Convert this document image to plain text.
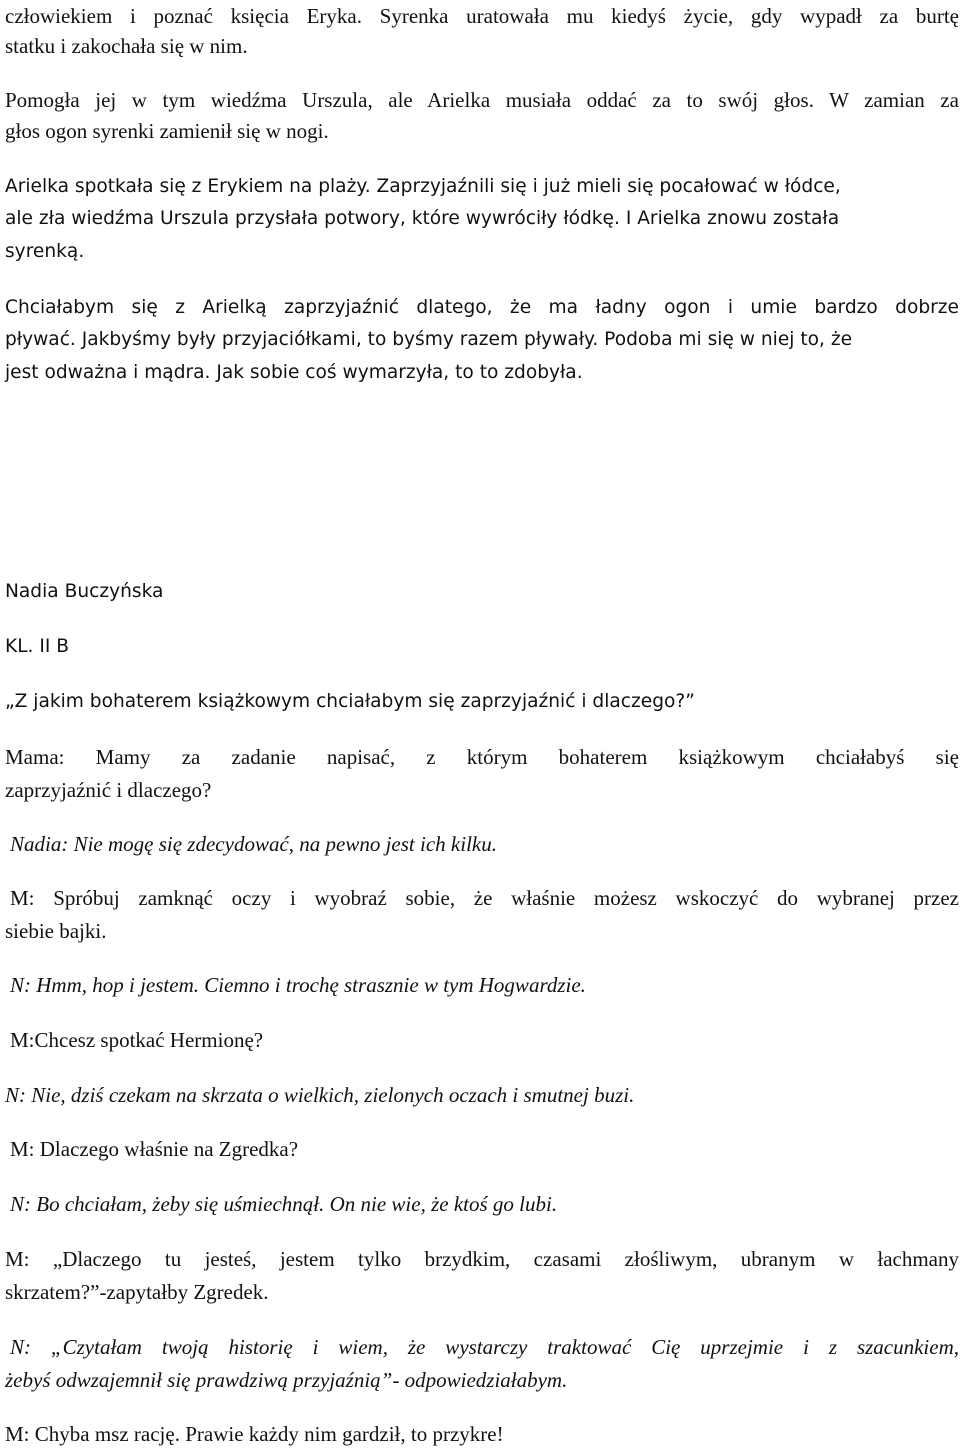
człowiekiem i poznać księcia Eryka. Syrenka uratowała mu kiedyś życie, gdy wypadł za burtę
statku i zakochała się w nim.
Pomogła jej w tym wiedźma Urszula, ale Arielka musiała oddać za to swój głos. W zamian za
głos ogon syrenki zamienił się w nogi.
Arielka spotkała się z Erykiem na plaży. Zaprzyjaźnili się i już mieli się pocałować w łódce,
ale zła wiedźma Urszula przysłała potwory, które wywróciły łódkę. I Arielka znowu została
syrenką.
Chciałabym się z Arielką zaprzyjaźnić dlatego, że ma ładny ogon i umie bardzo dobrze
pływać. Jakbyśmy były przyjaciółkami, to byśmy razem pływały. Podoba mi się w niej to, że
jest odważna i mądra. Jak sobie coś wymarzyła, to to zdobyła.
Nadia Buczyńska
KL. II B
„Z jakim bohaterem książkowym chciałabym się zaprzyjaźnić i dlaczego?”
Mama: Mamy za zadanie napisać, z którym bohaterem książkowym chciałabyś się
zaprzyjaźnić i dlaczego?
Nadia: Nie mogę się zdecydować, na pewno jest ich kilku.
M: Spróbuj zamknąć oczy i wyobraź sobie, że właśnie możesz wskoczyć do wybranej przez
siebie bajki.
N: Hmm, hop i jestem. Ciemno i trochę strasznie w tym Hogwardzie.
M:Chcesz spotkać Hermionę?
N: Nie, dziś czekam na skrzata o wielkich, zielonych oczach i smutnej buzi.
M: Dlaczego właśnie na Zgredka?
N: Bo chciałam, żeby się uśmiechnął. On nie wie, że ktoś go lubi.
M: „Dlaczego tu jesteś, jestem tylko brzydkim, czasami złośliwym, ubranym w łachmany
skrzatem?”-zapytałby Zgredek.
N: „Czytałam twoją historię i wiem, że wystarczy traktować Cię uprzejmie i z szacunkiem,
żebyś odwzajemnił się prawdziwą przyjaźnią”- odpowiedziałabym.
M: Chyba msz rację. Prawie każdy nim gardził, to przykre!
